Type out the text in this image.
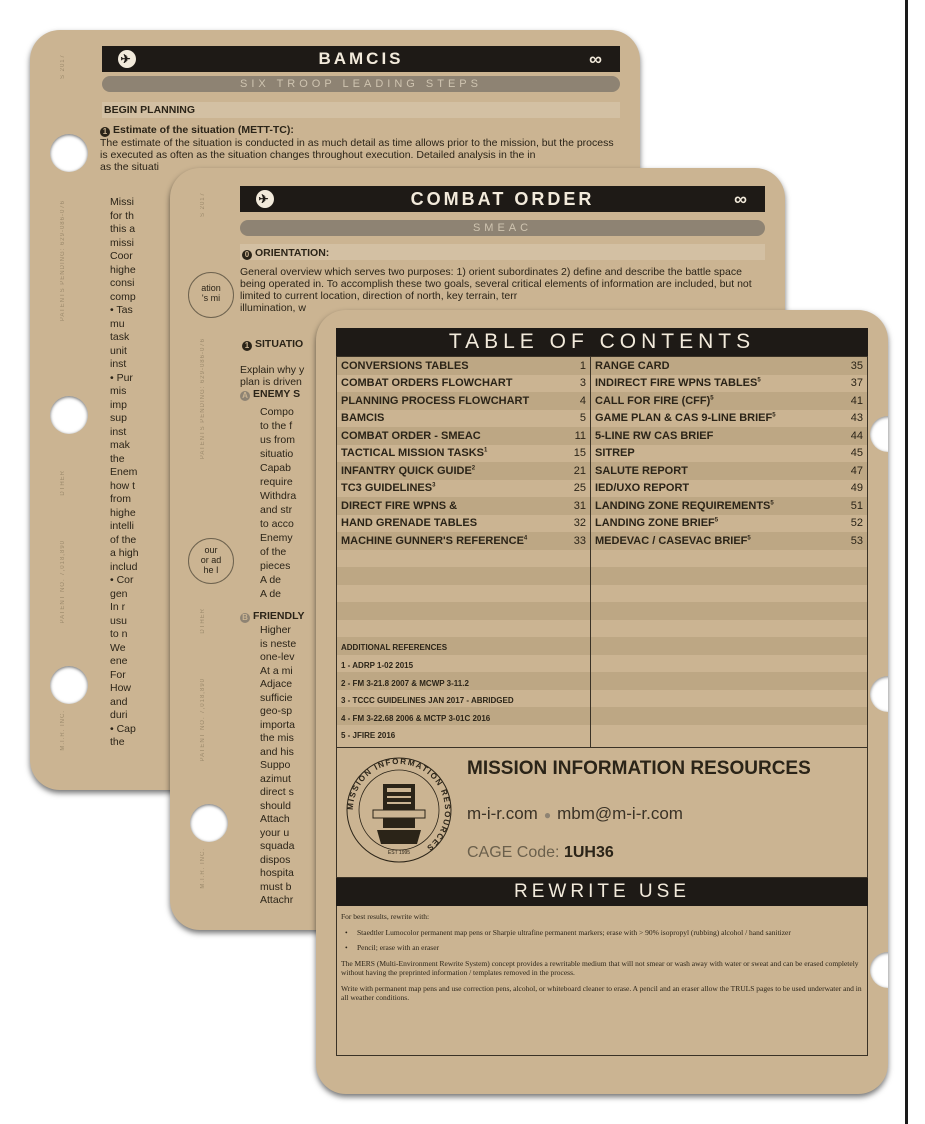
S 2017
PATENTS PENDING: 629-086-076
DTHER
PATENT NO. 7,018,890
M.I.R. INC.
✈	BAMCIS	∞
SIX TROOP LEADING STEPS
BEGIN PLANNING
1 Estimate of the situation (METT-TC):
The estimate of the situation is conducted in as much detail as time allows prior to the mission, but the process is executed as often as the situation changes throughout execution. Detailed analysis in the in
as the situati
Missi
for th
this a
missi
Coor
highe
consi
comp
• Tas
mu
task
unit
inst
• Pur
mis
imp
sup
inst
mak
the
Enem
how t
from
highe
intelli
of the
a high
includ
• Cor
gen
In r
usu
to n
We
ene
For
How
and
duri
• Cap
the
S 2017
PATENTS PENDING: 629-086-076
DTHER
PATENT NO. 7,018,890
M.I.R. INC.
✈	COMBAT ORDER	∞
SMEAC
0 ORIENTATION:
General overview which serves two purposes: 1) orient subordinates 2) define and describe the battle space being operated in. To accomplish these two goals, several critical elements of information are included, but not limited to current location, direction of north, key terrain, terr
illumination, w
ation
's mi
our
or ad
he I
1 SITUATIO
Explain why y
plan is driven
A ENEMY S
Compo
to the f
us from
situatio
Capab
require
Withdra
and str
to acco
Enemy
of the
pieces
A de
A de
B FRIENDLY
Higher
is neste
one-lev
At a mi
Adjace
sufficie
geo-sp
importa
the mis
and his
Suppo
azimut
direct s
should
Attach
your u
squada
dispos
hospita
must b
Attachr
TABLE OF CONTENTS
CONVERSIONS TABLES	1
COMBAT ORDERS FLOWCHART	3
PLANNING PROCESS FLOWCHART	4
BAMCIS	5
COMBAT ORDER - SMEAC	11
TACTICAL MISSION TASKS$^1$	15
INFANTRY QUICK GUIDE$^2$	21
TC3 GUIDELINES$^3$	25
DIRECT FIRE WPNS &	31
HAND GRENADE TABLES	32
MACHINE GUNNER'S REFERENCE$^4$	33
RANGE CARD	35
INDIRECT FIRE WPNS TABLES$^5$	37
CALL FOR FIRE (CFF)$^5$	41
GAME PLAN & CAS 9-LINE BRIEF$^5$	43
5-LINE RW CAS BRIEF	44
SITREP	45
SALUTE REPORT	47
IED/UXO REPORT	49
LANDING ZONE REQUIREMENTS$^5$	51
LANDING ZONE BRIEF$^5$	52
MEDEVAC / CASEVAC BRIEF$^5$	53
ADDITIONAL REFERENCES
1 - ADRP 1-02 2015
2 - FM 3-21.8 2007 & MCWP 3-11.2
3 - TCCC GUIDELINES JAN 2017 - ABRIDGED
4 - FM 3-22.68 2006 & MCTP 3-01C 2016
5 - JFIRE 2016
MISSION INFORMATION RESOURCES
EST 1995
MISSION INFORMATION RESOURCES
m-i-r.com ● mbm@m-i-r.com
CAGE Code: 1UH36
REWRITE USE

For best results, rewrite with:

• Staedtler Lumocolor permanent map pens or Sharpie ultrafine permanent markers; erase with > 90% isopropyl (rubbing) alcohol / hand sanitizer

• Pencil; erase with an eraser

The MERS (Multi-Environment Rewrite System) concept provides a rewritable medium that will not smear or wash away with water or sweat and can be erased completely without having the preprinted information / templates removed in the process.

Write with permanent map pens and use correction pens, alcohol, or whiteboard cleaner to erase. A pencil and an eraser allow the TRULS pages to be used underwater and in all weather conditions.
